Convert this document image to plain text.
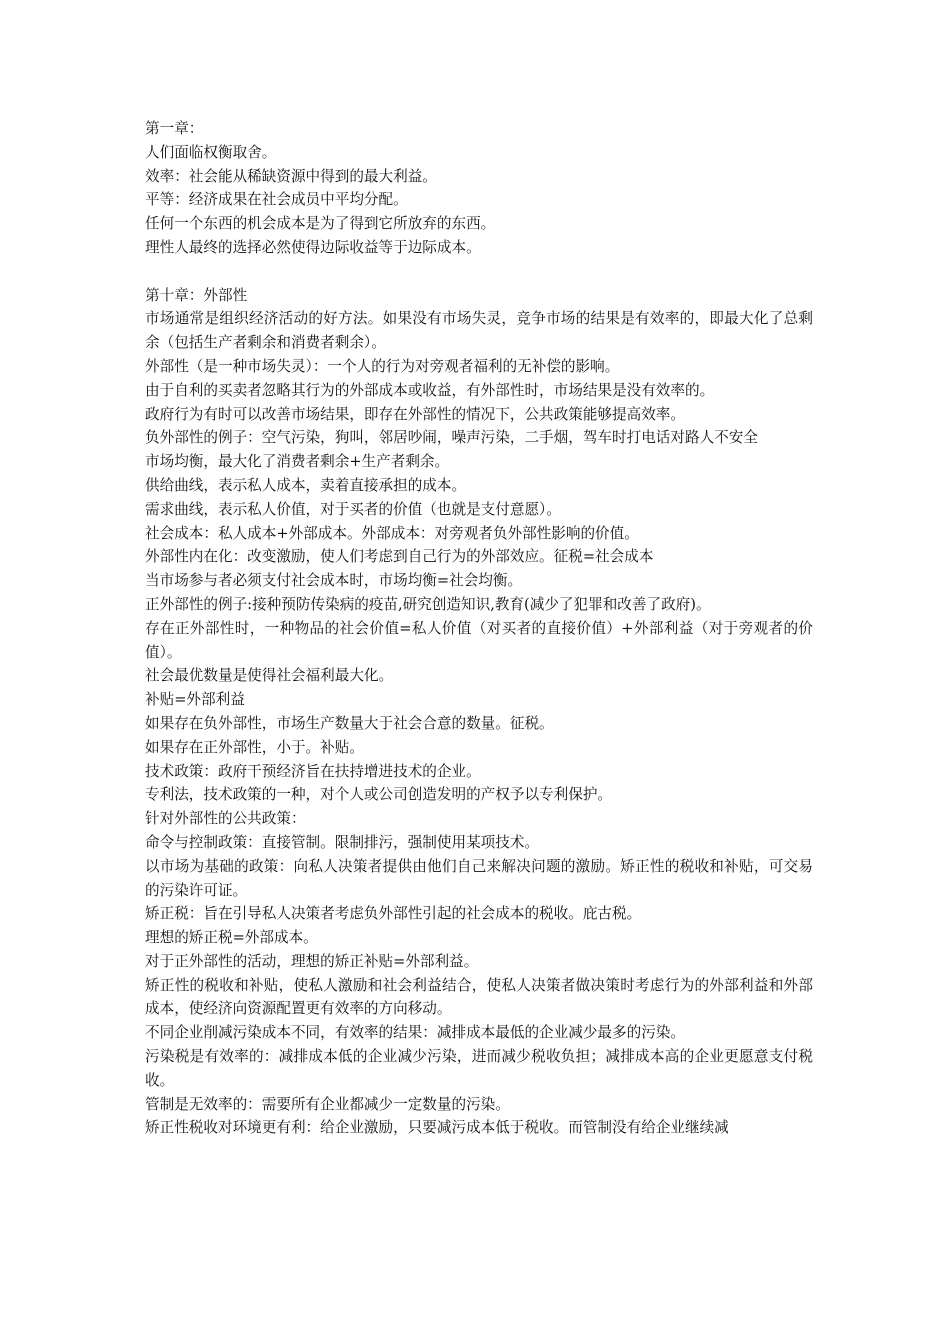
第一章：

人们面临权衡取舍。

效率：社会能从稀缺资源中得到的最大利益。

平等：经济成果在社会成员中平均分配。

任何一个东西的机会成本是为了得到它所放弃的东西。

理性人最终的选择必然使得边际收益等于边际成本。

第十章：外部性

市场通常是组织经济活动的好方法。如果没有市场失灵，竞争市场的结果是有效率的，即最大化了总剩余（包括生产者剩余和消费者剩余）。

外部性（是一种市场失灵）：一个人的行为对旁观者福利的无补偿的影响。

由于自利的买卖者忽略其行为的外部成本或收益，有外部性时，市场结果是没有效率的。

政府行为有时可以改善市场结果，即存在外部性的情况下，公共政策能够提高效率。

负外部性的例子：空气污染，狗叫，邻居吵闹，噪声污染，二手烟，驾车时打电话对路人不安全

市场均衡，最大化了消费者剩余+生产者剩余。

供给曲线，表示私人成本，卖着直接承担的成本。

需求曲线，表示私人价值，对于买者的价值（也就是支付意愿）。

社会成本：私人成本+外部成本。外部成本：对旁观者负外部性影响的价值。

外部性内在化：改变激励，使人们考虑到自己行为的外部效应。征税=社会成本

当市场参与者必须支付社会成本时，市场均衡=社会均衡。

正外部性的例子:接种预防传染病的疫苗,研究创造知识,教育(减少了犯罪和改善了政府)。

存在正外部性时，一种物品的社会价值=私人价值（对买者的直接价值）+外部利益（对于旁观者的价值）。

社会最优数量是使得社会福利最大化。

补贴=外部利益

如果存在负外部性，市场生产数量大于社会合意的数量。征税。

如果存在正外部性，小于。补贴。

技术政策：政府干预经济旨在扶持增进技术的企业。

专利法，技术政策的一种，对个人或公司创造发明的产权予以专利保护。

针对外部性的公共政策：

命令与控制政策：直接管制。限制排污，强制使用某项技术。

以市场为基础的政策：向私人决策者提供由他们自己来解决问题的激励。矫正性的税收和补贴，可交易的污染许可证。

矫正税：旨在引导私人决策者考虑负外部性引起的社会成本的税收。庇古税。

理想的矫正税=外部成本。

对于正外部性的活动，理想的矫正补贴=外部利益。

矫正性的税收和补贴，使私人激励和社会利益结合，使私人决策者做决策时考虑行为的外部利益和外部成本，使经济向资源配置更有效率的方向移动。

不同企业削减污染成本不同，有效率的结果：减排成本最低的企业减少最多的污染。

污染税是有效率的：减排成本低的企业减少污染，进而减少税收负担；减排成本高的企业更愿意支付税收。

管制是无效率的：需要所有企业都减少一定数量的污染。

矫正性税收对环境更有利：给企业激励，只要减污成本低于税收。而管制没有给企业继续减
